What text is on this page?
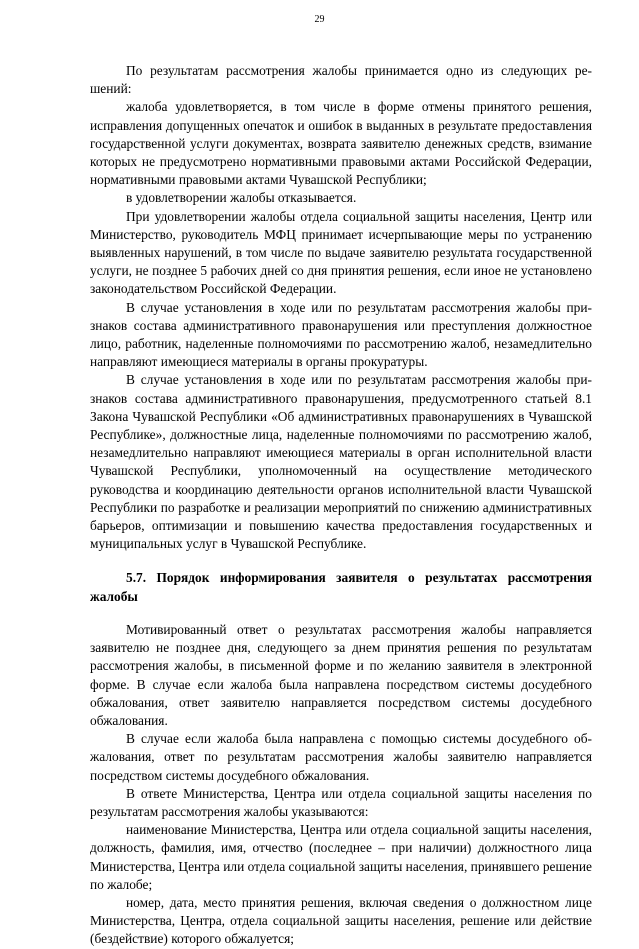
29

По результатам рассмотрения жалобы принимается одно из следующих решений:

жалоба удовлетворяется, в том числе в форме отмены принятого решения, исправления допущенных опечаток и ошибок в выданных в результате предоставления государственной услуги документах, возврата заявителю денежных средств, взимание которых не предусмотрено нормативными правовыми актами Российской Федерации, нормативными правовыми актами Чувашской Республики;

в удовлетворении жалобы отказывается.

При удовлетворении жалобы отдела социальной защиты населения, Центр или Министерство, руководитель МФЦ принимает исчерпывающие меры по устранению выявленных нарушений, в том числе по выдаче заявителю результата государственной услуги, не позднее 5 рабочих дней со дня принятия решения, если иное не установлено законодательством Российской Федерации.

В случае установления в ходе или по результатам рассмотрения жалобы признаков состава административного правонарушения или преступления должностное лицо, работник, наделенные полномочиями по рассмотрению жалоб, незамедлительно направляют имеющиеся материалы в органы прокуратуры.

В случае установления в ходе или по результатам рассмотрения жалобы признаков состава административного правонарушения, предусмотренного статьей 8.1 Закона Чувашской Республики «Об административных правонарушениях в Чувашской Республике», должностные лица, наделенные полномочиями по рассмотрению жалоб, незамедлительно направляют имеющиеся материалы в орган исполнительной власти Чувашской Республики, уполномоченный на осуществление методического руководства и координацию деятельности органов исполнительной власти Чувашской Республики по разработке и реализации мероприятий по снижению административных барьеров, оптимизации и повышению качества предоставления государственных и муниципальных услуг в Чувашской Республике.

5.7. Порядок информирования заявителя о результатах рассмотрения жалобы

Мотивированный ответ о результатах рассмотрения жалобы направляется заявителю не позднее дня, следующего за днем принятия решения по результатам рассмотрения жалобы, в письменной форме и по желанию заявителя в электронной форме. В случае если жалоба была направлена посредством системы досудебного обжалования, ответ заявителю направляется посредством системы досудебного обжалования.

В случае если жалоба была направлена с помощью системы досудебного обжалования, ответ по результатам рассмотрения жалобы заявителю направляется посредством системы досудебного обжалования.

В ответе Министерства, Центра или отдела социальной защиты населения по результатам рассмотрения жалобы указываются:

наименование Министерства, Центра или отдела социальной защиты населения, должность, фамилия, имя, отчество (последнее – при наличии) должностного лица Министерства, Центра или отдела социальной защиты населения, принявшего решение по жалобе;

номер, дата, место принятия решения, включая сведения о должностном лице Министерства, Центра, отдела социальной защиты населения, решение или действие (бездействие) которого обжалуется;
